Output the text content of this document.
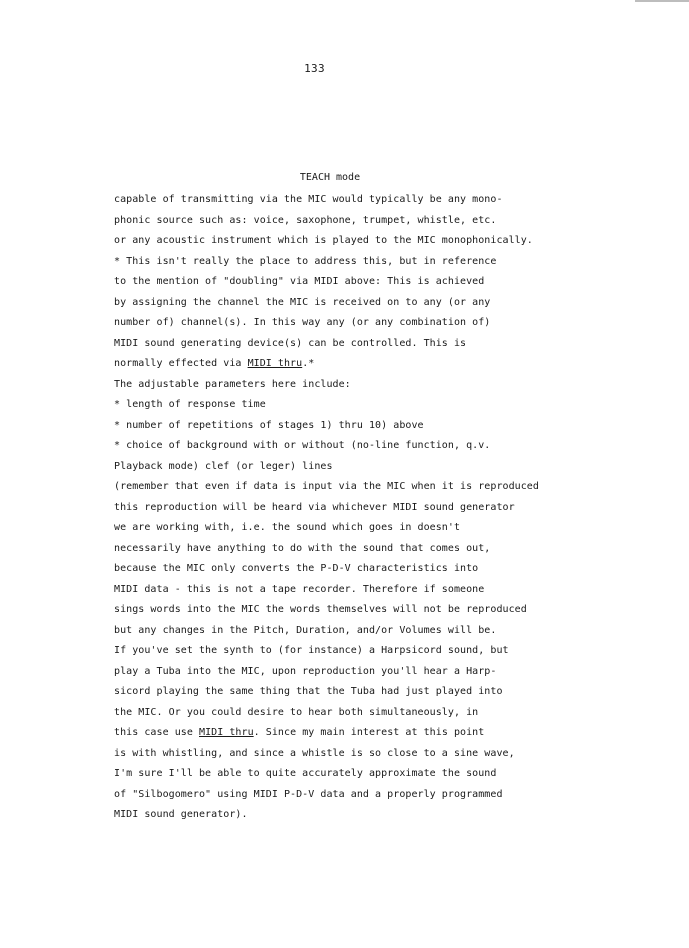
133
TEACH mode
capable of transmitting via the MIC would typically be any mono-
phonic source such as: voice, saxophone, trumpet, whistle, etc.
or any acoustic instrument which is played to the MIC monophonically.
* This isn't really the place to address this, but in reference
to the mention of "doubling" via MIDI above: This is achieved
by assigning the channel the MIC is received on to any (or any
number of) channel(s). In this way any (or any combination of)
MIDI sound generating device(s) can be controlled. This is
normally effected via MIDI thru.*
The adjustable parameters here include:
* length of response time
* number of repetitions of stages 1) thru 10) above
* choice of background with or without (no-line function, q.v.
Playback mode) clef (or leger) lines
(remember that even if data is input via the MIC when it is reproduced
this reproduction will be heard via whichever MIDI sound generator
we are working with, i.e. the sound which goes in doesn't
necessarily have anything to do with the sound that comes out,
because the MIC only converts the P-D-V characteristics into
MIDI data - this is not a tape recorder. Therefore if someone
sings words into the MIC the words themselves will not be reproduced
but any changes in the Pitch, Duration, and/or Volumes will be.
If you've set the synth to (for instance) a Harpsicord sound, but
play a Tuba into the MIC, upon reproduction you'll hear a Harp-
sicord playing the same thing that the Tuba had just played into
the MIC. Or you could desire to hear both simultaneously, in
this case use MIDI thru. Since my main interest at this point
is with whistling, and since a whistle is so close to a sine wave,
I'm sure I'll be able to quite accurately approximate the sound
of "Silbogomero" using MIDI P-D-V data and a properly programmed
MIDI sound generator).
